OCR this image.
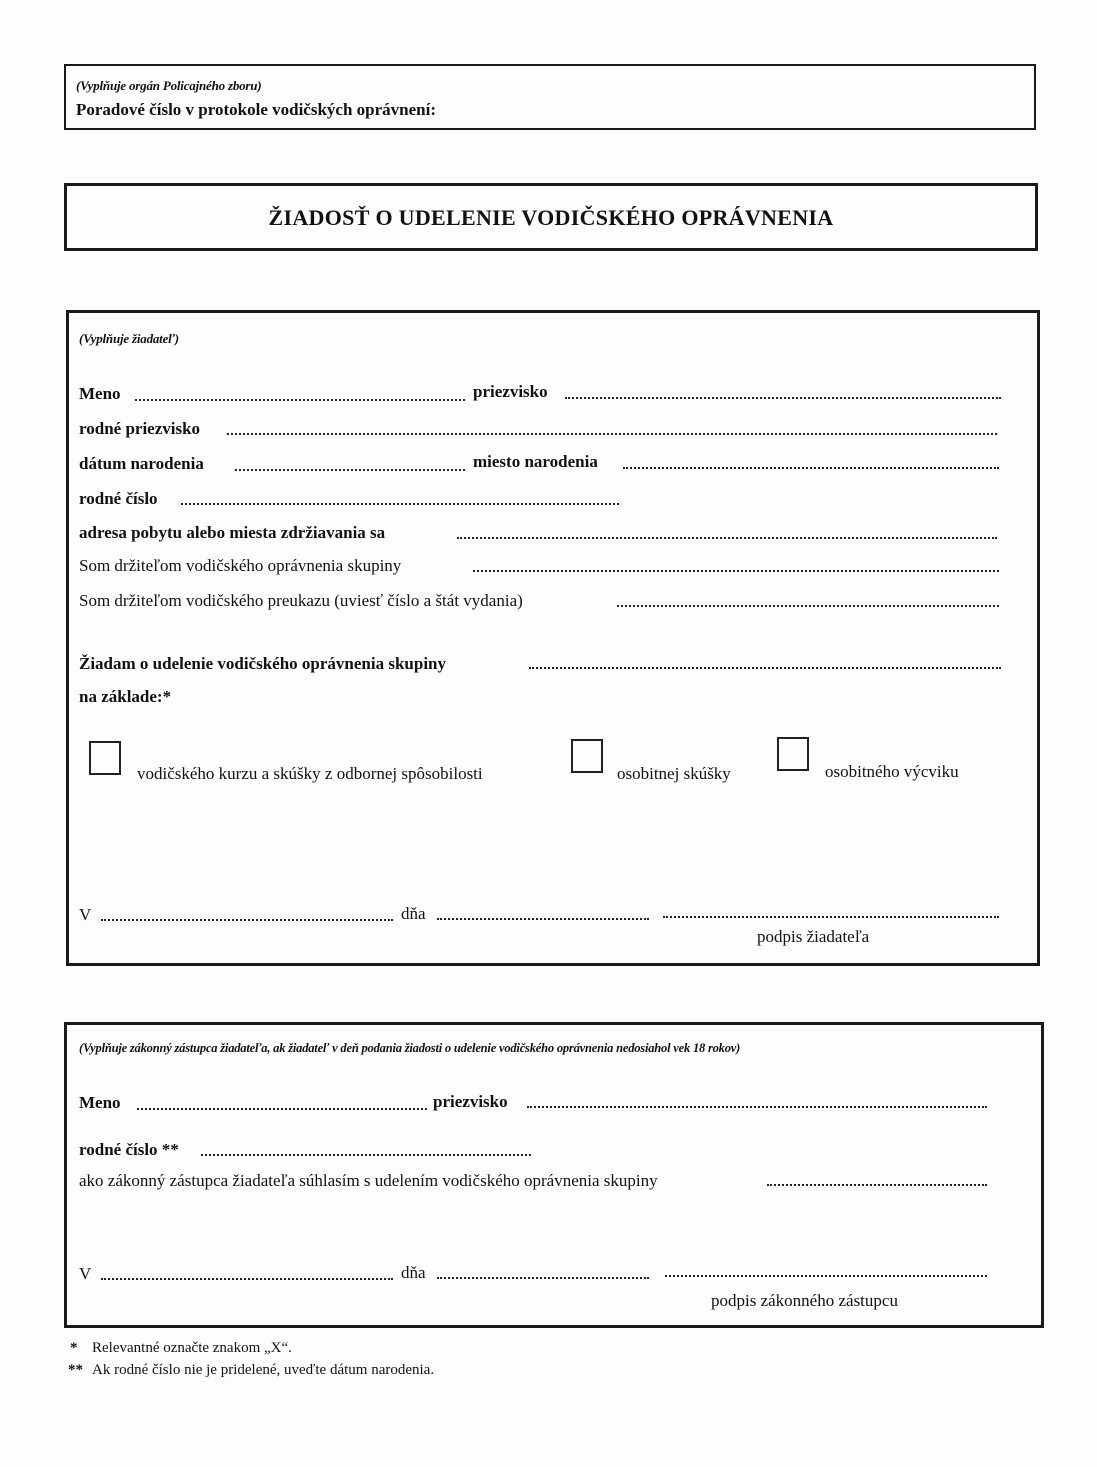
(Vyplňuje orgán Policajného zboru)
Poradové číslo v protokole vodičských oprávnení:
ŽIADOSŤ O UDELENIE VODIČSKÉHO OPRÁVNENIA
(Vyplňuje žiadateľ)
Meno	priezvisko
rodné priezvisko
dátum narodenia	miesto narodenia
rodné číslo
adresa pobytu alebo miesta zdržiavania sa
Som držiteľom vodičského oprávnenia skupiny
Som držiteľom vodičského preukazu (uviesť číslo a štát vydania)
Žiadam o udelenie vodičského oprávnenia skupiny
na základe:*
vodičského kurzu a skúšky z odbornej spôsobilosti	osobitnej skúšky	osobitného výcviku
V	dňa
podpis žiadateľa
(Vyplňuje zákonný zástupca žiadateľa, ak žiadateľ v deň podania žiadosti o udelenie vodičského oprávnenia nedosiahol vek 18 rokov)
Meno	priezvisko
rodné číslo **
ako zákonný zástupca žiadateľa súhlasím s udelením vodičského oprávnenia skupiny
V	dňa
podpis zákonného zástupcu
* Relevantné označte znakom „X“.
** Ak rodné číslo nie je pridelené, uveďte dátum narodenia.
